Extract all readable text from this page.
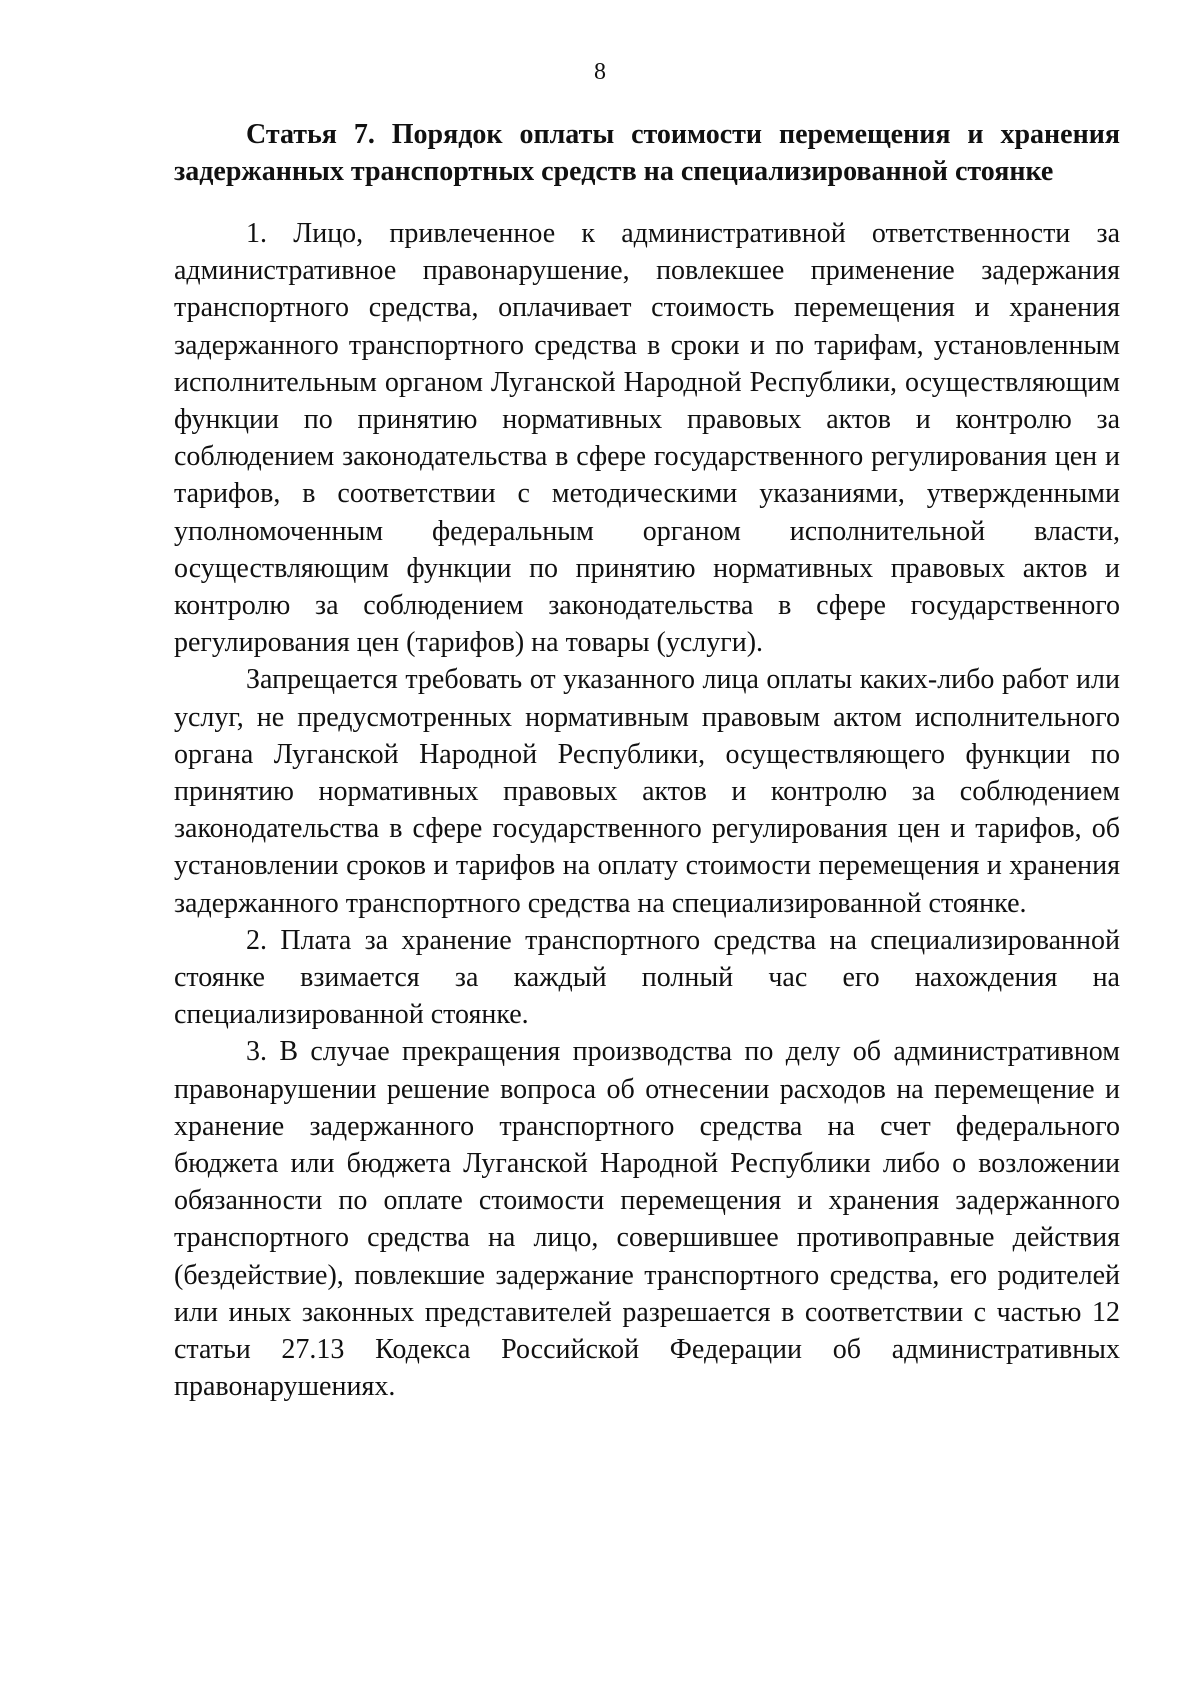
8

Статья 7. Порядок оплаты стоимости перемещения и хранения задержанных транспортных средств на специализированной стоянке

1. Лицо, привлеченное к административной ответственности за административное правонарушение, повлекшее применение задержания транспортного средства, оплачивает стоимость перемещения и хранения задержанного транспортного средства в сроки и по тарифам, установленным исполнительным органом Луганской Народной Республики, осуществляющим функции по принятию нормативных правовых актов и контролю за соблюдением законодательства в сфере государственного регулирования цен и тарифов, в соответствии с методическими указаниями, утвержденными уполномоченным федеральным органом исполнительной власти, осуществляющим функции по принятию нормативных правовых актов и контролю за соблюдением законодательства в сфере государственного регулирования цен (тарифов) на товары (услуги).

Запрещается требовать от указанного лица оплаты каких-либо работ или услуг, не предусмотренных нормативным правовым актом исполнительного органа Луганской Народной Республики, осуществляющего функции по принятию нормативных правовых актов и контролю за соблюдением законодательства в сфере государственного регулирования цен и тарифов, об установлении сроков и тарифов на оплату стоимости перемещения и хранения задержанного транспортного средства на специализированной стоянке.

2. Плата за хранение транспортного средства на специализированной стоянке взимается за каждый полный час его нахождения на специализированной стоянке.

3. В случае прекращения производства по делу об административном правонарушении решение вопроса об отнесении расходов на перемещение и хранение задержанного транспортного средства на счет федерального бюджета или бюджета Луганской Народной Республики либо о возложении обязанности по оплате стоимости перемещения и хранения задержанного транспортного средства на лицо, совершившее противоправные действия (бездействие), повлекшие задержание транспортного средства, его родителей или иных законных представителей разрешается в соответствии с частью 12 статьи 27.13 Кодекса Российской Федерации об административных правонарушениях.
